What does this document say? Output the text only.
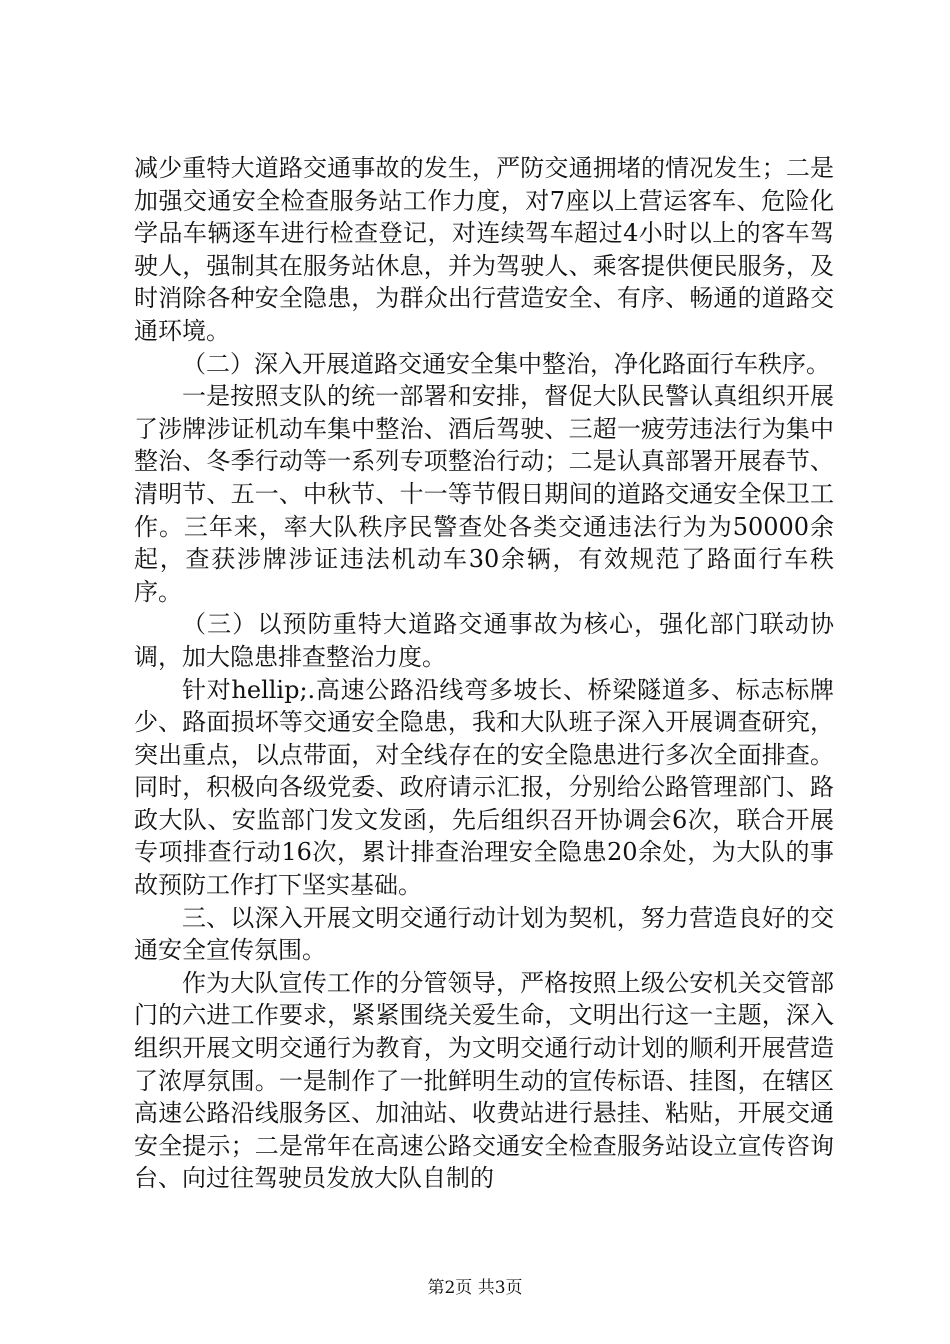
减少重特大道路交通事故的发生，严防交通拥堵的情况发生；二是加强交通安全检查服务站工作力度，对7座以上营运客车、危险化学品车辆逐车进行检查登记，对连续驾车超过4小时以上的客车驾驶人，强制其在服务站休息，并为驾驶人、乘客提供便民服务，及时消除各种安全隐患，为群众出行营造安全、有序、畅通的道路交通环境。

（二）深入开展道路交通安全集中整治，净化路面行车秩序。

一是按照支队的统一部署和安排，督促大队民警认真组织开展了涉牌涉证机动车集中整治、酒后驾驶、三超一疲劳违法行为集中整治、冬季行动等一系列专项整治行动；二是认真部署开展春节、清明节、五一、中秋节、十一等节假日期间的道路交通安全保卫工作。三年来，率大队秩序民警查处各类交通违法行为为50000余起，查获涉牌涉证违法机动车30余辆，有效规范了路面行车秩序。

（三）以预防重特大道路交通事故为核心，强化部门联动协调，加大隐患排查整治力度。

针对hellip;.高速公路沿线弯多坡长、桥梁隧道多、标志标牌少、路面损坏等交通安全隐患，我和大队班子深入开展调查研究，突出重点，以点带面，对全线存在的安全隐患进行多次全面排查。同时，积极向各级党委、政府请示汇报，分别给公路管理部门、路政大队、安监部门发文发函，先后组织召开协调会6次，联合开展专项排查行动16次，累计排查治理安全隐患20余处，为大队的事故预防工作打下坚实基础。

三、以深入开展文明交通行动计划为契机，努力营造良好的交通安全宣传氛围。

作为大队宣传工作的分管领导，严格按照上级公安机关交管部门的六进工作要求，紧紧围绕关爱生命，文明出行这一主题，深入组织开展文明交通行为教育，为文明交通行动计划的顺利开展营造了浓厚氛围。一是制作了一批鲜明生动的宣传标语、挂图，在辖区高速公路沿线服务区、加油站、收费站进行悬挂、粘贴，开展交通安全提示；二是常年在高速公路交通安全检查服务站设立宣传咨询台、向过往驾驶员发放大队自制的

第2页 共3页
